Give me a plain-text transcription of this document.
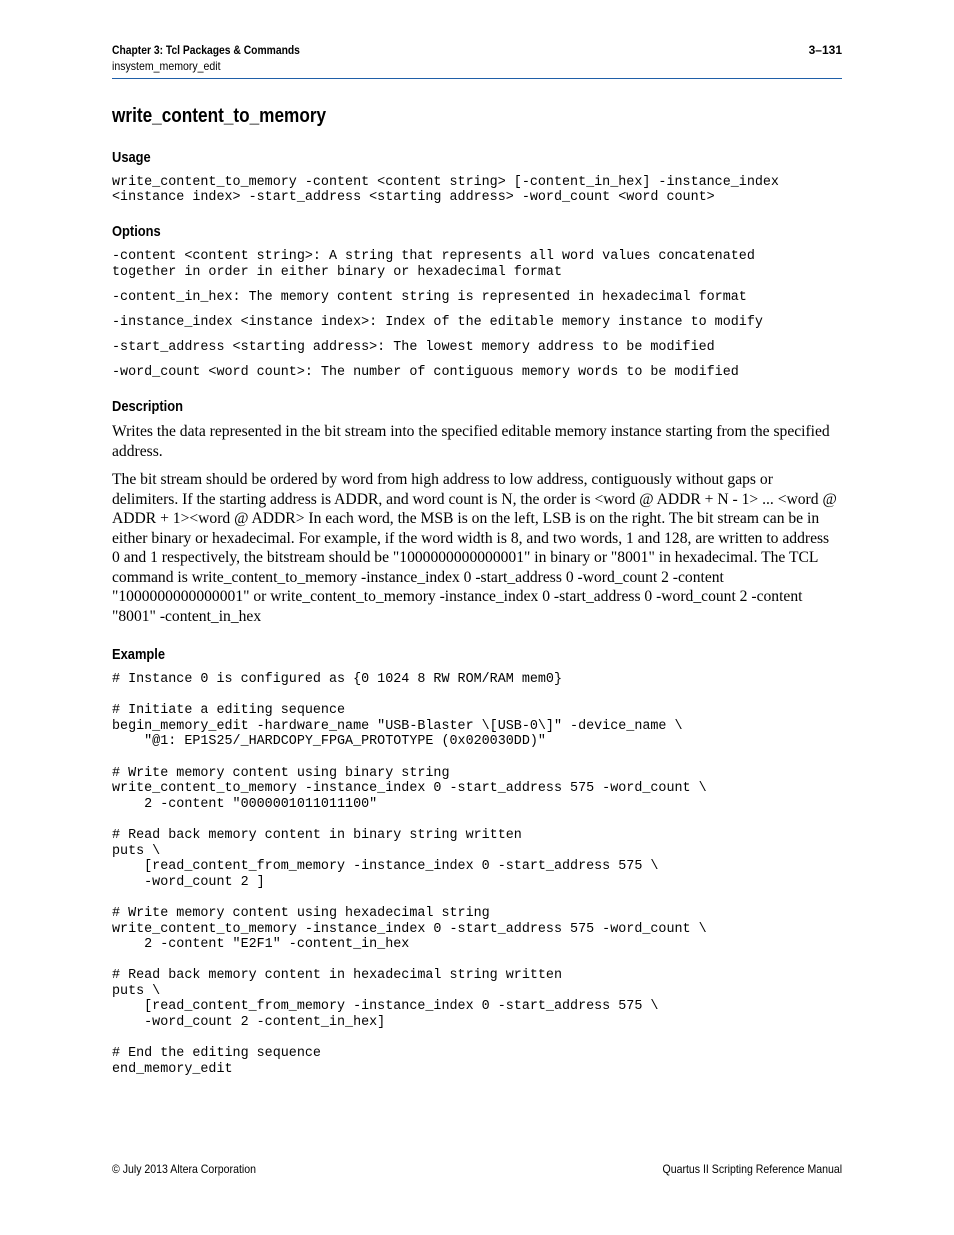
Chapter 3: Tcl Packages & Commands	3–131
insystem_memory_edit
write_content_to_memory
Usage
write_content_to_memory -content <content string> [-content_in_hex] -instance_index
<instance index> -start_address <starting address> -word_count <word count>
Options
-content <content string>: A string that represents all word values concatenated
together in order in either binary or hexadecimal format
-content_in_hex: The memory content string is represented in hexadecimal format
-instance_index <instance index>: Index of the editable memory instance to modify
-start_address <starting address>: The lowest memory address to be modified
-word_count <word count>: The number of contiguous memory words to be modified
Description
Writes the data represented in the bit stream into the specified editable memory instance starting from the specified address.
The bit stream should be ordered by word from high address to low address, contiguously without gaps or delimiters. If the starting address is ADDR, and word count is N, the order is <word @ ADDR + N - 1> ... <word @ ADDR + 1><word @ ADDR> In each word, the MSB is on the left, LSB is on the right. The bit stream can be in either binary or hexadecimal. For example, if the word width is 8, and two words, 1 and 128, are written to address 0 and 1 respectively, the bitstream should be "1000000000000001" in binary or "8001" in hexadecimal. The TCL command is write_content_to_memory -instance_index 0 -start_address 0 -word_count 2 -content "1000000000000001" or write_content_to_memory -instance_index 0 -start_address 0 -word_count 2 -content "8001" -content_in_hex
Example
# Instance 0 is configured as {0 1024 8 RW ROM/RAM mem0}
# Initiate a editing sequence
begin_memory_edit -hardware_name "USB-Blaster \[USB-0\]" -device_name \
"@1: EP1S25/_HARDCOPY_FPGA_PROTOTYPE (0x020030DD)"
# Write memory content using binary string
write_content_to_memory -instance_index 0 -start_address 575 -word_count \
2 -content "0000001011011100"
# Read back memory content in binary string written
puts \
[read_content_from_memory -instance_index 0 -start_address 575 \
-word_count 2 ]
# Write memory content using hexadecimal string
write_content_to_memory -instance_index 0 -start_address 575 -word_count \
2 -content "E2F1" -content_in_hex
# Read back memory content in hexadecimal string written
puts \
[read_content_from_memory -instance_index 0 -start_address 575 \
-word_count 2 -content_in_hex]
# End the editing sequence
end_memory_edit
© July 2013 Altera Corporation	Quartus II Scripting Reference Manual
